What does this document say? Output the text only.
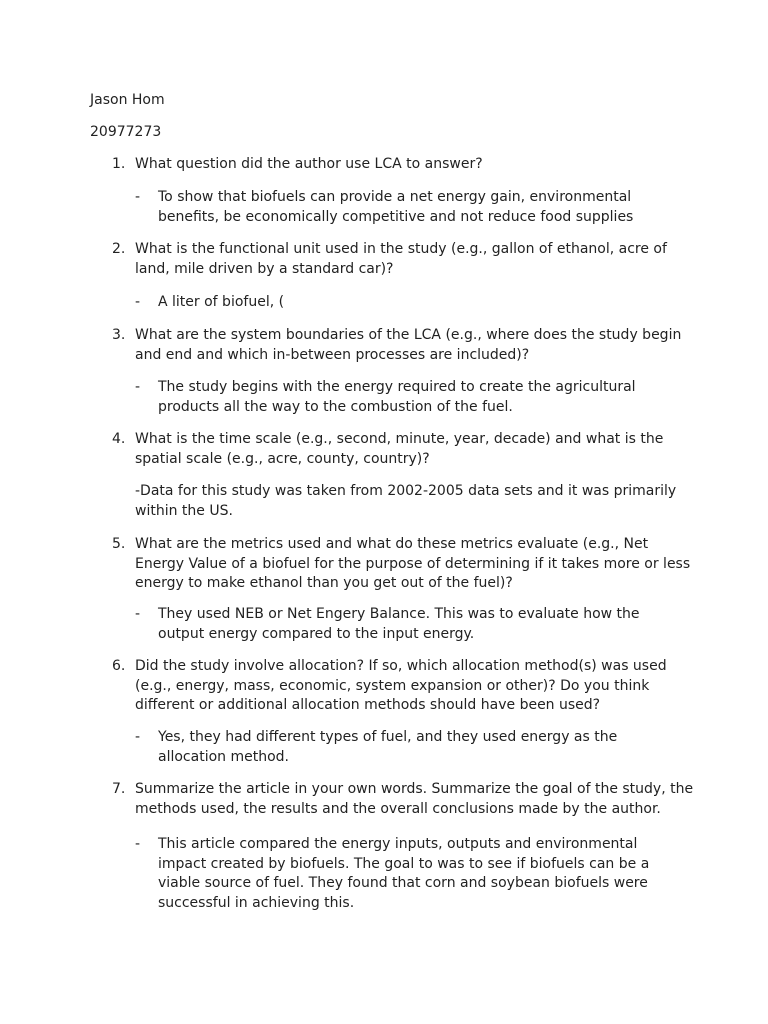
Jason Hom
20977273
1. What question did the author use LCA to answer?
- To show that biofuels can provide a net energy gain, environmental benefits, be economically competitive and not reduce food supplies
2. What is the functional unit used in the study (e.g., gallon of ethanol, acre of land, mile driven by a standard car)?
- A liter of biofuel, (
3. What are the system boundaries of the LCA (e.g., where does the study begin and end and which in-between processes are included)?
- The study begins with the energy required to create the agricultural products all the way to the combustion of the fuel.
4. What is the time scale (e.g., second, minute, year, decade) and what is the spatial scale (e.g., acre, county, country)?
-Data for this study was taken from 2002-2005 data sets and it was primarily within the US.
5. What are the metrics used and what do these metrics evaluate (e.g., Net Energy Value of a biofuel for the purpose of determining if it takes more or less energy to make ethanol than you get out of the fuel)?
- They used NEB or Net Engery Balance. This was to evaluate how the output energy compared to the input energy.
6. Did the study involve allocation? If so, which allocation method(s) was used (e.g., energy, mass, economic, system expansion or other)? Do you think different or additional allocation methods should have been used?
- Yes, they had different types of fuel, and they used energy as the allocation method.
7. Summarize the article in your own words. Summarize the goal of the study, the methods used, the results and the overall conclusions made by the author.
- This article compared the energy inputs, outputs and environmental impact created by biofuels. The goal to was to see if biofuels can be a viable source of fuel. They found that corn and soybean biofuels were successful in achieving this.
